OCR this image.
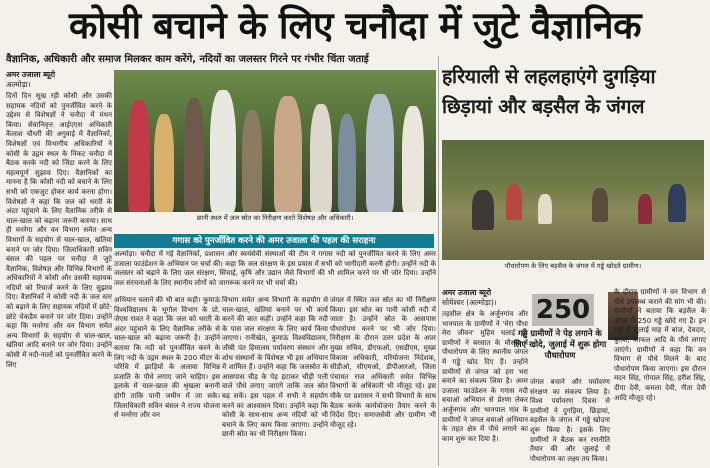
कोसी बचाने के लिए चनौदा में जुटे वैज्ञानिक
वैज्ञानिक, अधिकारी और समाज मिलकर काम करेंगे, नदियों का जलस्तर गिरने पर गंभीर चिंता जताई
अमर उजाला ब्यूरो
अल्मोड़ा।
दिनों दिन सूख रही कोसी और उसकी सहायक नदियों को पुनर्जीवित करने के उद्देश्य से विशेषज्ञों ने चनौदा में मंथन किया। सेवानिवृत्त आईएएस अधिकारी कैलाश चौधरी की अगुवाई में वैज्ञानिकों, विशेषज्ञों एवं विभागीय अधिकारियों ने कोसी के उद्गम स्थल के निकट चनौदा में बैठक करके नदी को जिंदा करने के लिए महत्वपूर्ण सुझाव दिए। वैज्ञानिकों का मानना है कि कोसी नदी को बचाने के लिए सभी को एकजुट होकर कार्य करना होगा। विशेषज्ञों ने कहा कि जल को धरती के अंदर पहुंचाने के लिए वैज्ञानिक तरीके से चाल-खाल को बढ़ाना जरूरी बताया। साथ ही मनरेगा और वन विभाग समेत अन्य विभागों के सहयोग से चाल-खाल, खंतियां बनाने पर जोर दिया। जिलाधिकारी सविन बंसल की पहल पर चनौदा में जुटे वैज्ञानिक, विशेषज्ञ और विभिन्न विभागों के अधिकारियों ने कोसी और उसकी सहायक नदियों को रिचार्ज करने के लिए सुझाव दिए। वैज्ञानिकों ने कोसी नदी के जल स्तर को बढ़ाने के लिए सहायक नदियों में छोटे-छोटे चेकडैम बनाने पर जोर दिया। उन्होंने कहा कि मनरेगा और वन विभाग समेत अन्य विभागों के सहयोग से चाल-खाल, खंतियां आदि बनाने पर जोर दिया। उन्होंने कोसी में नदी-नालों को पुनर्जीवित करने के लिए
छानी स्थल में जल स्रोत का निरीक्षण करते विशेषज्ञ और अधिकारी।
गगास को पुनर्जीवित करने की अमर उजाला की पहल की सराहना
अल्मोड़ा। चनौदा में गई वैज्ञानिकों, प्रशासन और स्वयंसेवी संस्थाओं की टीम ने गगास नदी को पुनर्जीवित करने के लिए अमर उजाला फाउंडेशन के अभियान पर चर्चा की। कहा कि जल संरक्षण के इस प्रयास में सभी को भागीदारी करनी होगी। उन्होंने नदी के जलस्तर को बढ़ाने के लिए जल संरक्षण, सिंचाई, कृषि और उद्यान जैसे विभागों की भी शामिल करने पर भी जोर दिया। उन्होंने जल संरचनाओं के लिए स्थानीय लोगों को जागरूक करने पर भी चर्चा की।
अभियान चलाने की भी बात कही। कुमाऊं विश्वविद्यालय के भूगोल विभाग के प्रो. जेएस रावत ने कहा कि जल को धरती के अंदर पहुंचाने के लिए वैज्ञानिक तरीके से चाल-खाल को बढ़ाना जरूरी है। उन्होंने बताया कि नदी को पुनर्जीवित करने के लिए नदी के उद्गम स्थल के 200 मीटर के परिधि में झाड़ियों के अलावा विभिन्न प्रजाति के पौधे लगाए जाने चाहिए। इस इलाके में चाल-खाल की श्रृंखला बनानी होगी ताकि पानी जमीन में जा सके। जिलाधिकारी सविन बंसल ने राज्य योजना से मनरेगा और वन
विभाग समेत अन्य विभागों के सहयोग से चाल-खाल, खंतियां बनाने पर भी कार्य करने की बात कही। उन्होंने कहा कि नदी के पास जल संरक्षण के लिए कार्य किया जाएगा। रानीखेत, कुमाऊं विश्वविद्यालय, जीबी पंत हिमालय पर्यावरण संस्थान और शोध संस्थानों के विशेषज्ञ भी इस अभियान में शामिल हैं। उन्होंने कहा कि जलस्रोत के आसपास चीड़ के पेड़ हटाकर चौड़ी पत्ती वाले पौधे लगाए जाएंगे ताकि जल स्रोत बढ़ सकें। इस पहल में सभी ने सहयोग करने का आश्वासन दिया। उन्होंने कहा कि कोसी के साथ-साथ अन्य नदियों को भी बचाने के लिए काम किया जाएगा। उन्होंने छानी स्रोत का भी निरीक्षण किया।
जंगल में स्थित जल स्रोत का भी निरीक्षण किया। इस स्रोत का पानी कोसी नदी में जाता है। उन्होंने स्रोत के आसपास पौधारोपण करने पर भी जोर दिया। निरीक्षण के दौरान उत्तर प्रदेश के अपर मुख्य सचिव, डीएफओ, एसडीएम, मुख्य विकास अधिकारी, परियोजना निदेशक, सीडीओ, सीएमओ, डीपीआरओ, जिला पंचायत राज अधिकारी समेत विभिन्न विभागों के अधिकारी भी मौजूद रहे। इस मौके पर प्रशासन ने सभी विभागों के साथ बैठक करके कार्ययोजना तैयार करने के निर्देश दिए। समाजसेवी और ग्रामीण भी मौजूद रहे।
हरियाली से लहलहाएंगे दुगड़िया
छिड़ायां और बड़सैल के जंगल
पौधारोपण के लिए बड़सैल के जंगल में गड्ढे खोदते ग्रामीण।
अमर उजाला ब्यूरो
सोमेश्वर (अल्मोड़ा)।
तहसील क्षेत्र के अर्जुनगांव और भानपाल के ग्रामीणों ने 'मेरा पौधा मेरा जीवन' मुहिम चलाई है। ग्रामीणों ने बरसात के मौसम में पौधारोपण के लिए स्थानीय जंगल में गड्ढे खोद दिए हैं। उन्होंने ग्रामीणों से जंगल को हरा भरा बनाने का संकल्प लिया है। अमर उजाला फाउंडेशन के गगास नदी बचाओ अभियान से प्रेरणा लेकर अर्जुनगांव और भानपाल गांव के ग्रामीणों ने जंगल बचाओ अभियान के तहत क्षेत्र में पौधे लगाने का काम शुरू कर दिया है।
250
गड्ढे ग्रामीणों ने पेड़ लगाने के लिए खोदे, जुलाई में शुरू होगा पौधारोपण
जंगल बचाने और पर्यावरण संरक्षण का संकल्प लिया है। विश्व पर्यावरण दिवस से ग्रामीणों ने दुगड़िया, छिड़ायां, बड़सैल के जंगल में गड्ढे खोदना शुरू किया है। इसके लिए ग्रामीणों ने बैठक कर रणनीति तैयार की और जुलाई में पौधारोपण का लक्ष्य तय किया।
के दौरान ग्रामीणों ने वन विभाग से पौधे उपलब्ध कराने की मांग भी की। ग्रामीणों ने बताया कि बड़सैल के जंगल में 250 गड्ढे खोदे गए हैं। इन गड्ढों में जुलाई माह में बांज, देवदार, बुरांश, काफल आदि के पौधे लगाए जाएंगे। ग्रामीणों ने कहा कि वन विभाग से पौधे मिलने के बाद पौधारोपण किया जाएगा। इस दौरान मदन सिंह, गोपाल सिंह, हरीश सिंह, दीपा देवी, कमला देवी, गीता देवी आदि मौजूद रहे।
